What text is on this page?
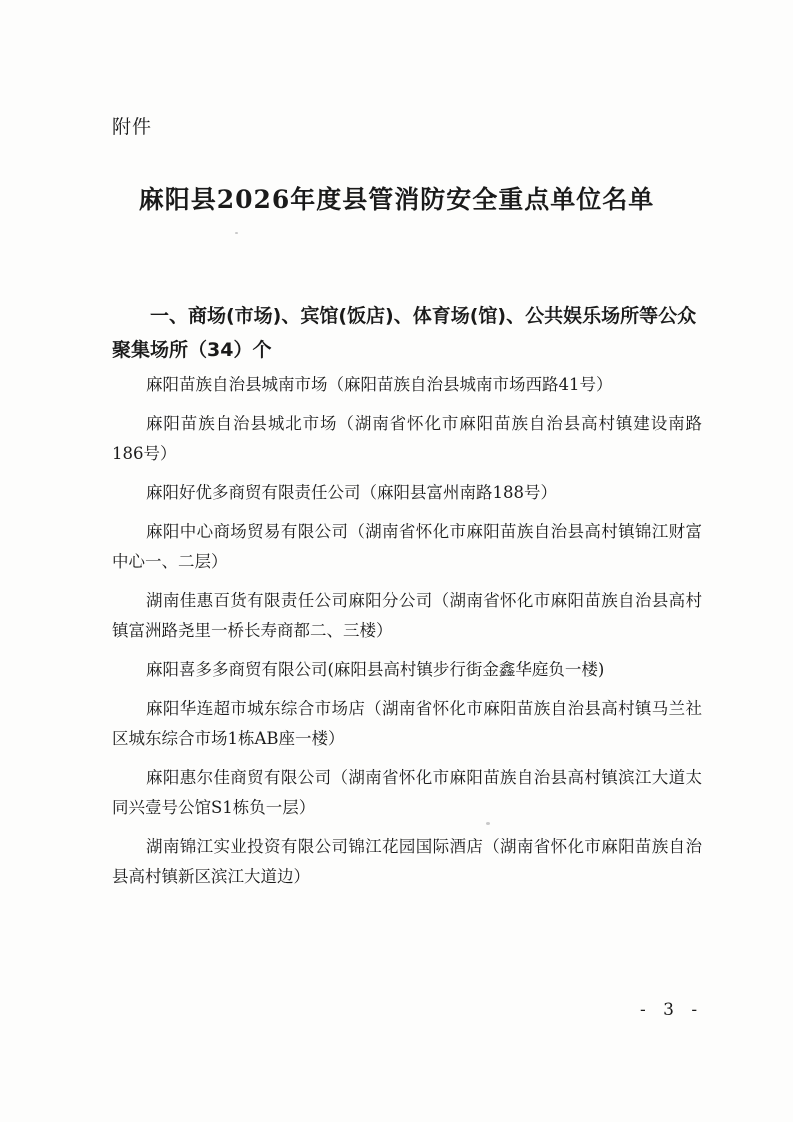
附件
麻阳县2026年度县管消防安全重点单位名单
一、商场(市场)、宾馆(饭店)、体育场(馆)、公共娱乐场所等公众聚集场所（34）个
麻阳苗族自治县城南市场（麻阳苗族自治县城南市场西路41号）
麻阳苗族自治县城北市场（湖南省怀化市麻阳苗族自治县高村镇建设南路186号）
麻阳好优多商贸有限责任公司（麻阳县富州南路188号）
麻阳中心商场贸易有限公司（湖南省怀化市麻阳苗族自治县高村镇锦江财富中心一、二层）
湖南佳惠百货有限责任公司麻阳分公司（湖南省怀化市麻阳苗族自治县高村镇富洲路尧里一桥长寿商都二、三楼）
麻阳喜多多商贸有限公司(麻阳县高村镇步行街金鑫华庭负一楼)
麻阳华连超市城东综合市场店（湖南省怀化市麻阳苗族自治县高村镇马兰社区城东综合市场1栋AB座一楼）
麻阳惠尔佳商贸有限公司（湖南省怀化市麻阳苗族自治县高村镇滨江大道太同兴壹号公馆S1栋负一层）
湖南锦江实业投资有限公司锦江花园国际酒店（湖南省怀化市麻阳苗族自治县高村镇新区滨江大道边）
- 3 -
